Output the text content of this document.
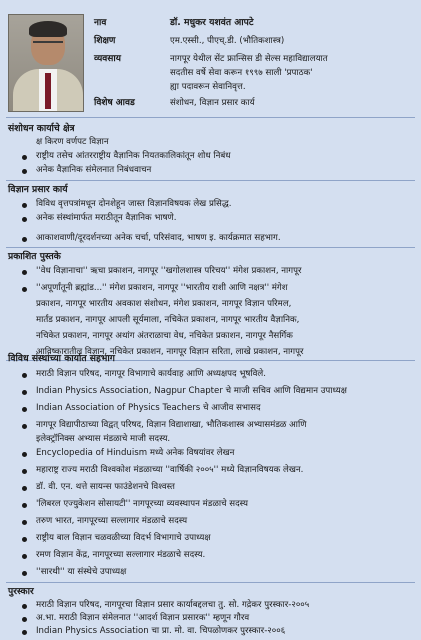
नाव	डॉ. मधुकर यशवंत आपटे
शिक्षण	एम.एस्सी., पीएच्.डी. (भौतिकशास्त्र)
व्यवसाय	नागपूर येथील सेंट फ्रान्सिस डी सेल्स महाविद्यालयात
सदतीस वर्षे सेवा करून १९९७ साली 'प्रपाठक'
ह्या पदावरून सेवानिवृत्त.
विशेष आवड	संशोधन, विज्ञान प्रसार कार्य
संशोधन कार्याचे क्षेत्र
क्ष किरण वर्णपट विज्ञान
राष्ट्रीय तसेच आंतरराष्ट्रीय वैज्ञानिक नियतकालिकांतून शोध निबंध
अनेक वैज्ञानिक संमेलनात निबंधवाचन
विज्ञान प्रसार कार्य
विविध वृत्तपत्रांमधून दोनशेहून जास्त विज्ञानविषयक लेख प्रसिद्ध.
अनेक संस्थांमार्फत मराठीतून वैज्ञानिक भाषणे.
आकाशवाणी/दूरदर्शनच्या अनेक चर्चा, परिसंवाद, भाषण इ. कार्यक्रमात सहभाग.
प्रकाशित पुस्तके
''वेध विज्ञानाचा'' ऋचा प्रकाशन, नागपूर ''खगोलशास्त्र परिचय'' मंगेश प्रकाशन, नागपूर
''अपूर्णांतूनी ब्रह्मांड...'' मंगेश प्रकाशन, नागपूर ''भारतीय राशी आणि नक्षत्र'' मंगेश
प्रकाशन, नागपूर भारतीय अवकाश संशोधन, मंगेश प्रकाशन, नागपूर विज्ञान परिमल,
मार्तंड प्रकाशन, नागपूर आपली सूर्यमाला, नचिकेत प्रकाशन, नागपूर भारतीय वैज्ञानिक,
नचिकेत प्रकाशन, नागपूर अथांग अंतराळाचा वेध, नचिकेत प्रकाशन, नागपूर नैसर्गिक
आविष्कारातील विज्ञान, नचिकेत प्रकाशन, नागपूर विज्ञान सरिता, लाखे प्रकाशन, नागपूर
विविध संस्थांच्या कार्यात सहभाग
मराठी विज्ञान परिषद, नागपूर विभागाचे कार्यवाह आणि अध्यक्षपद भूषविले.
Indian Physics Association, Nagpur Chapter चे माजी सचिव आणि विद्यमान उपाध्यक्ष
Indian Association of Physics Teachers चे आजीव सभासद
नागपूर विद्यापीठाच्या विद्वत् परिषद, विज्ञान विद्याशाखा, भौतिकशास्त्र अभ्यासमंडळ आणि
इलेक्ट्रॉनिक्स अभ्यास मंडळाचे माजी सदस्य.
Encyclopedia of Hinduism मध्ये अनेक विषयांवर लेखन
महाराष्ट्र राज्य मराठी विश्वकोश मंडळाच्या ''वार्षिकी २००५'' मध्ये विज्ञानविषयक लेखन.
डॉ. वी. एन. थत्ते सायन्स फाउंडेशनचे विश्वस्त
'लिबरल एज्युकेशन सोसायटी'' नागपूरच्या व्यवस्थापन मंडळाचे सदस्य
तरुण भारत, नागपूरच्या सल्लागार मंडळाचे सदस्य
राष्ट्रीय बाल विज्ञान चळवळीच्या विदर्भ विभागाचे उपाध्यक्ष
रमण विज्ञान केंद्र, नागपूरच्या सल्लागार मंडळाचे सदस्य.
''सारथी'' या संस्थेचे उपाध्यक्ष
पुरस्कार
मराठी विज्ञान परिषद, नागपूरचा विज्ञान प्रसार कार्याबद्दलचा तु. सो. गद्रेकर पुरस्कार-२००५
अ.भा. मराठी विज्ञान संमेलनात ''आदर्श विज्ञान प्रसारक'' म्हणून गौरव
Indian Physics Association चा प्रा. मो. वा. चिपळोणकर पुरस्कार-२००६
